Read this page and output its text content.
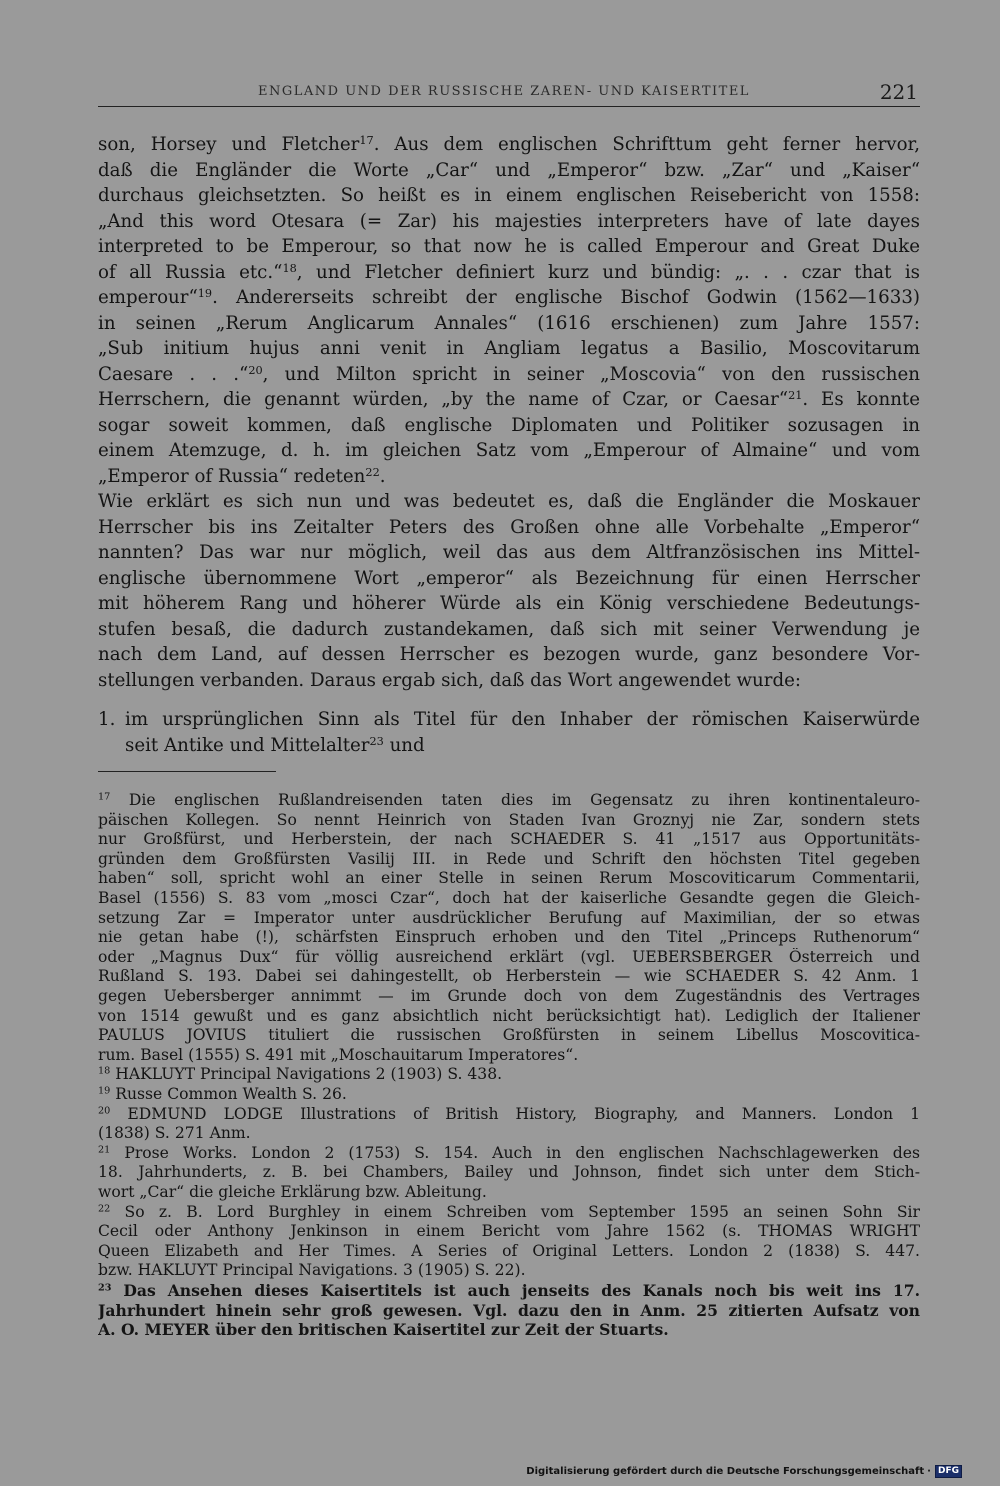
ENGLAND UND DER RUSSISCHE ZAREN- UND KAISERTITEL	221
son, Horsey und Fletcher$^{17}$. Aus dem englischen Schrifttum geht ferner hervor,
daß die Engländer die Worte „Car“ und „Emperor“ bzw. „Zar“ und „Kaiser“
durchaus gleichsetzten. So heißt es in einem englischen Reisebericht von 1558:
„And this word Otesara (= Zar) his majesties interpreters have of late dayes
interpreted to be Emperour, so that now he is called Emperour and Great Duke
of all Russia etc.“$^{18}$, und Fletcher definiert kurz und bündig: „. . . czar that is
emperour“$^{19}$. Andererseits schreibt der englische Bischof Godwin (1562—1633)
in seinen „Rerum Anglicarum Annales“ (1616 erschienen) zum Jahre 1557:
„Sub initium hujus anni venit in Angliam legatus a Basilio, Moscovitarum
Caesare . . .“$^{20}$, und Milton spricht in seiner „Moscovia“ von den russischen
Herrschern, die genannt würden, „by the name of Czar, or Caesar“$^{21}$. Es konnte
sogar soweit kommen, daß englische Diplomaten und Politiker sozusagen in
einem Atemzuge, d. h. im gleichen Satz vom „Emperour of Almaine“ und vom
„Emperor of Russia“ redeten$^{22}$.
Wie erklärt es sich nun und was bedeutet es, daß die Engländer die Moskauer
Herrscher bis ins Zeitalter Peters des Großen ohne alle Vorbehalte „Emperor“
nannten? Das war nur möglich, weil das aus dem Altfranzösischen ins Mittel-
englische übernommene Wort „emperor“ als Bezeichnung für einen Herrscher
mit höherem Rang und höherer Würde als ein König verschiedene Bedeutungs-
stufen besaß, die dadurch zustandekamen, daß sich mit seiner Verwendung je
nach dem Land, auf dessen Herrscher es bezogen wurde, ganz besondere Vor-
stellungen verbanden. Daraus ergab sich, daß das Wort angewendet wurde:
1. im ursprünglichen Sinn als Titel für den Inhaber der römischen Kaiserwürde
seit Antike und Mittelalter$^{23}$ und
$^{17}$ Die englischen Rußlandreisenden taten dies im Gegensatz zu ihren kontinentaleuro-
päischen Kollegen. So nennt Heinrich von Staden Ivan Groznyj nie Zar, sondern stets
nur Großfürst, und Herberstein, der nach SCHAEDER S. 41 „1517 aus Opportunitäts-
gründen dem Großfürsten Vasilij III. in Rede und Schrift den höchsten Titel gegeben
haben“ soll, spricht wohl an einer Stelle in seinen Rerum Moscoviticarum Commentarii,
Basel (1556) S. 83 vom „mosci Czar“, doch hat der kaiserliche Gesandte gegen die Gleich-
setzung Zar = Imperator unter ausdrücklicher Berufung auf Maximilian, der so etwas
nie getan habe (!), schärfsten Einspruch erhoben und den Titel „Princeps Ruthenorum“
oder „Magnus Dux“ für völlig ausreichend erklärt (vgl. UEBERSBERGER Österreich und
Rußland S. 193. Dabei sei dahingestellt, ob Herberstein — wie SCHAEDER S. 42 Anm. 1
gegen Uebersberger annimmt — im Grunde doch von dem Zugeständnis des Vertrages
von 1514 gewußt und es ganz absichtlich nicht berücksichtigt hat). Lediglich der Italiener
PAULUS JOVIUS tituliert die russischen Großfürsten in seinem Libellus Moscovitica-
rum. Basel (1555) S. 491 mit „Moschauitarum Imperatores“.
$^{18}$ HAKLUYT Principal Navigations 2 (1903) S. 438.
$^{19}$ Russe Common Wealth S. 26.
$^{20}$ EDMUND LODGE Illustrations of British History, Biography, and Manners. London 1
(1838) S. 271 Anm.
$^{21}$ Prose Works. London 2 (1753) S. 154. Auch in den englischen Nachschlagewerken des
18. Jahrhunderts, z. B. bei Chambers, Bailey und Johnson, findet sich unter dem Stich-
wort „Car“ die gleiche Erklärung bzw. Ableitung.
$^{22}$ So z. B. Lord Burghley in einem Schreiben vom September 1595 an seinen Sohn Sir
Cecil oder Anthony Jenkinson in einem Bericht vom Jahre 1562 (s. THOMAS WRIGHT
Queen Elizabeth and Her Times. A Series of Original Letters. London 2 (1838) S. 447.
bzw. HAKLUYT Principal Navigations. 3 (1905) S. 22).
$^{23}$ Das Ansehen dieses Kaisertitels ist auch jenseits des Kanals noch bis weit ins 17.
Jahrhundert hinein sehr groß gewesen. Vgl. dazu den in Anm. 25 zitierten Aufsatz von
A. O. MEYER über den britischen Kaisertitel zur Zeit der Stuarts.
Digitalisierung gefördert durch die Deutsche Forschungsgemeinschaft · DFG
